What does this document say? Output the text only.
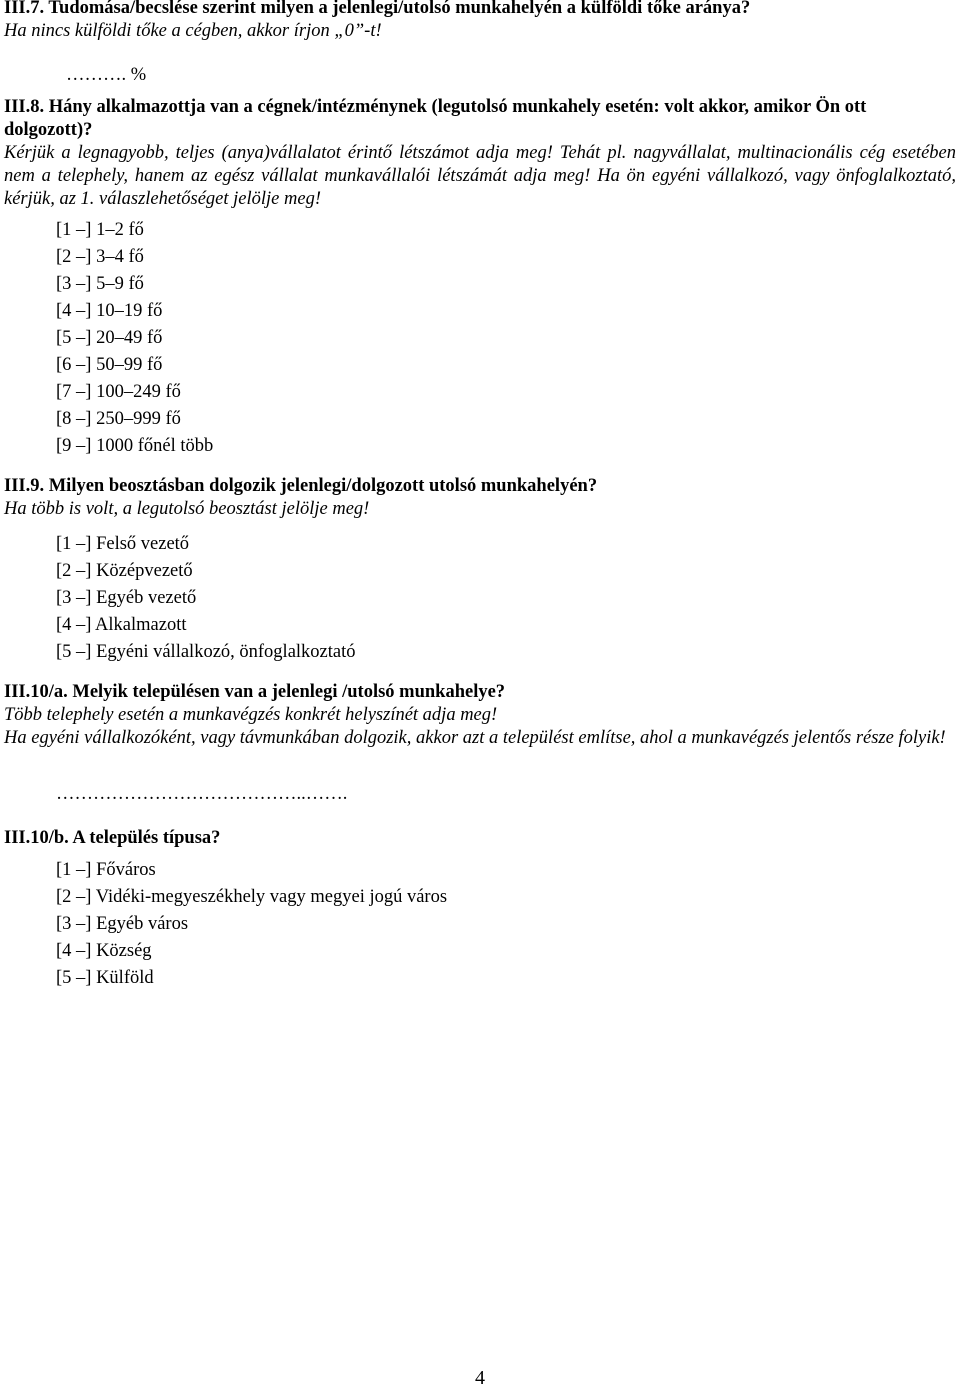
III.7. Tudomása/becslése szerint milyen a jelenlegi/utolsó munkahelyén a külföldi tőke aránya?

Ha nincs külföldi tőke a cégben, akkor írjon „0”-t!

………. %

III.8. Hány alkalmazottja van a cégnek/intézménynek (legutolsó munkahely esetén: volt akkor, amikor Ön ott dolgozott)?

Kérjük a legnagyobb, teljes (anya)vállalatot érintő létszámot adja meg! Tehát pl. nagyvállalat, multinacionális cég esetében nem a telephely, hanem az egész vállalat munkavállalói létszámát adja meg! Ha ön egyéni vállalkozó, vagy önfoglalkoztató, kérjük, az 1. válaszlehetőséget jelölje meg!

[1 –] 1–2 fő
[2 –] 3–4 fő
[3 –] 5–9 fő
[4 –] 10–19 fő
[5 –] 20–49 fő
[6 –] 50–99 fő
[7 –] 100–249 fő
[8 –] 250–999 fő
[9 –] 1000 főnél több

III.9. Milyen beosztásban dolgozik jelenlegi/dolgozott utolsó munkahelyén?

Ha több is volt, a legutolsó beosztást jelölje meg!

[1 –] Felső vezető
[2 –] Középvezető
[3 –] Egyéb vezető
[4 –] Alkalmazott
[5 –] Egyéni vállalkozó, önfoglalkoztató

III.10/a. Melyik településen van a jelenlegi /utolsó munkahelye?

Több telephely esetén a munkavégzés konkrét helyszínét adja meg!

Ha egyéni vállalkozóként, vagy távmunkában dolgozik, akkor azt a települést említse, ahol a munkavégzés jelentős része folyik!

…………………………………..…….

III.10/b. A település típusa?

[1 –] Főváros
[2 –] Vidéki-megyeszékhely vagy megyei jogú város
[3 –] Egyéb város
[4 –] Község
[5 –] Külföld
4
